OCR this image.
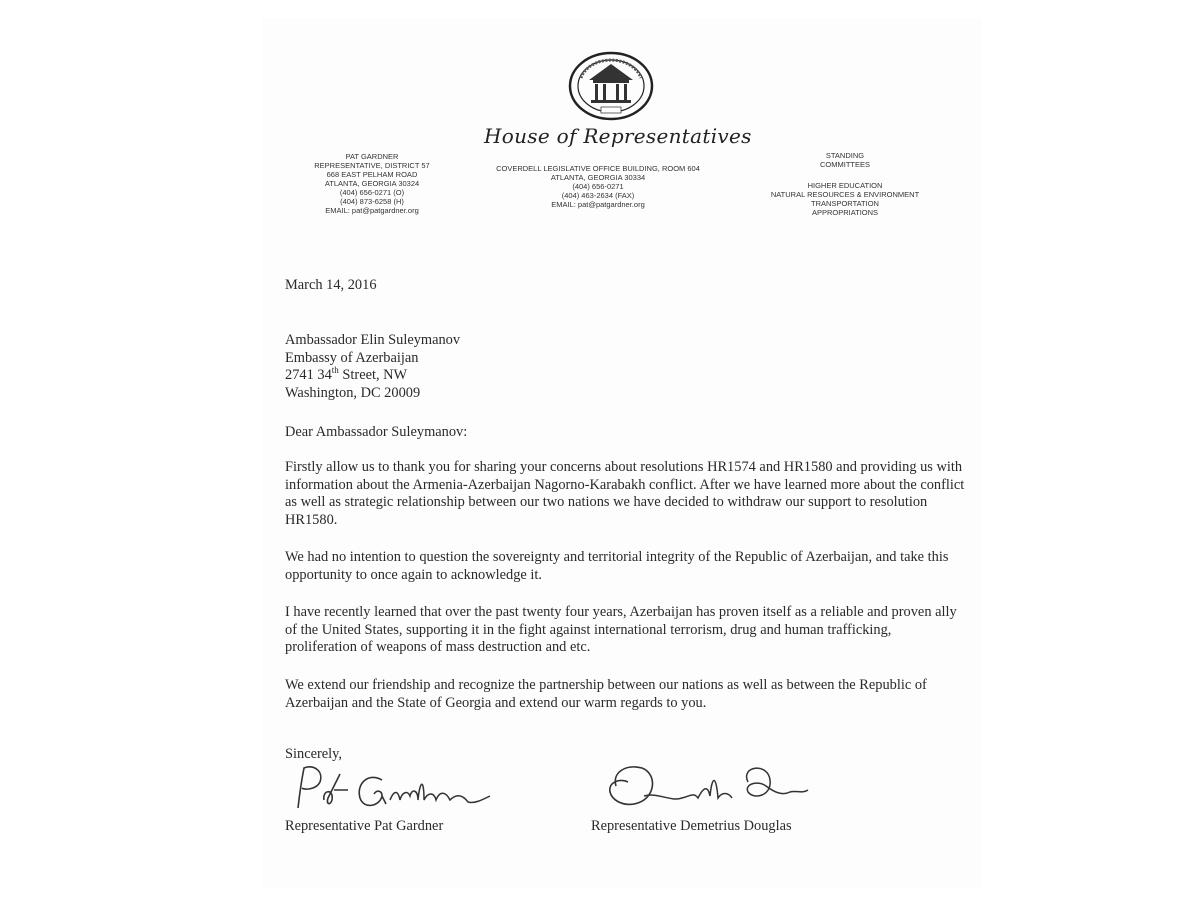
House of Representatives
PAT GARDNER
REPRESENTATIVE, DISTRICT 57
668 EAST PELHAM ROAD
ATLANTA, GEORGIA 30324
(404) 656-0271 (O)
(404) 873-6258 (H)
EMAIL: pat@patgardner.org
COVERDELL LEGISLATIVE OFFICE BUILDING, ROOM 604
ATLANTA, GEORGIA 30334
(404) 656-0271
(404) 463-2634 (FAX)
EMAIL: pat@patgardner.org
STANDING
COMMITTEES
HIGHER EDUCATION
NATURAL RESOURCES & ENVIRONMENT
TRANSPORTATION
APPROPRIATIONS
March 14, 2016
Ambassador Elin Suleymanov
Embassy of Azerbaijan
2741 34th Street, NW
Washington, DC 20009
Dear Ambassador Suleymanov:
Firstly allow us to thank you for sharing your concerns about resolutions HR1574 and HR1580 and providing us with information about the Armenia-Azerbaijan Nagorno-Karabakh conflict. After we have learned more about the conflict as well as strategic relationship between our two nations we have decided to withdraw our support to resolution HR1580.
We had no intention to question the sovereignty and territorial integrity of the Republic of Azerbaijan, and take this opportunity to once again to acknowledge it.
I have recently learned that over the past twenty four years, Azerbaijan has proven itself as a reliable and proven ally of the United States, supporting it in the fight against international terrorism, drug and human trafficking, proliferation of weapons of mass destruction and etc.
We extend our friendship and recognize the partnership between our nations as well as between the Republic of Azerbaijan and the State of Georgia and extend our warm regards to you.
Sincerely,
Representative Pat Gardner	Representative Demetrius Douglas
